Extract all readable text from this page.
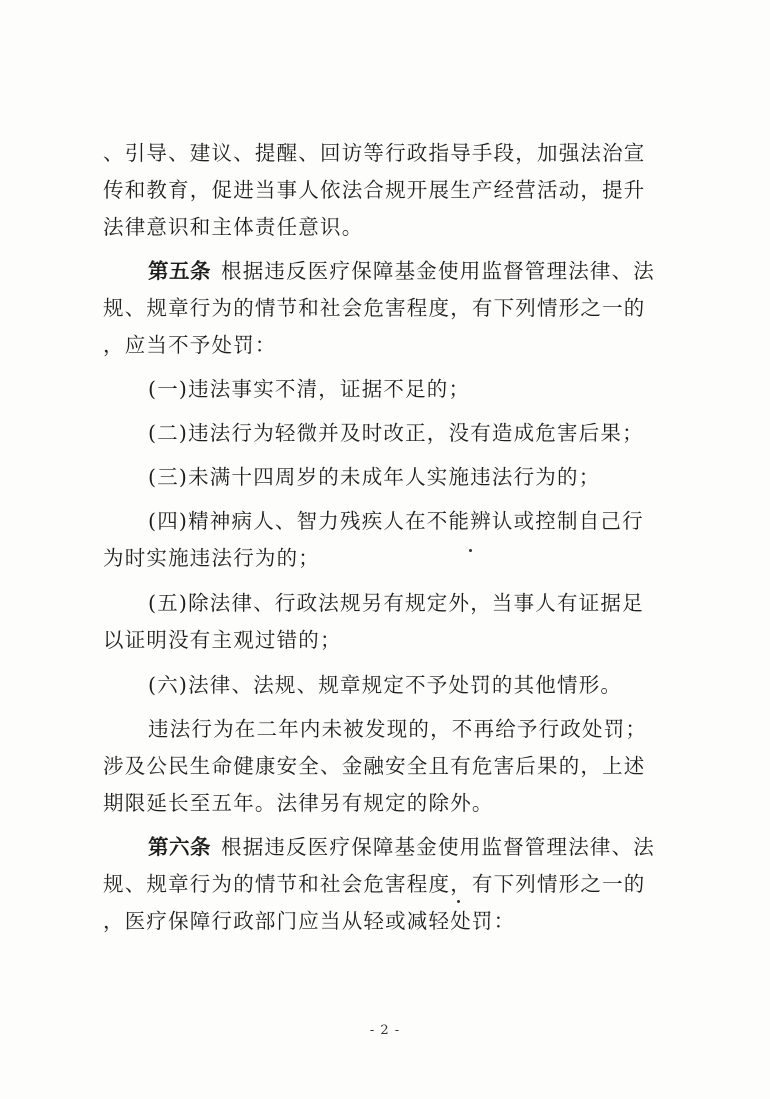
、引导、建议、提醒、回访等行政指导手段，加强法治宣
传和教育，促进当事人依法合规开展生产经营活动，提升
法律意识和主体责任意识。
第五条 根据违反医疗保障基金使用监督管理法律、法
规、规章行为的情节和社会危害程度，有下列情形之一的
，应当不予处罚：
(一)违法事实不清，证据不足的；
(二)违法行为轻微并及时改正，没有造成危害后果；
(三)未满十四周岁的未成年人实施违法行为的；
(四)精神病人、智力残疾人在不能辨认或控制自己行
为时实施违法行为的；
(五)除法律、行政法规另有规定外，当事人有证据足
以证明没有主观过错的；
(六)法律、法规、规章规定不予处罚的其他情形。
违法行为在二年内未被发现的，不再给予行政处罚；
涉及公民生命健康安全、金融安全且有危害后果的，上述
期限延长至五年。法律另有规定的除外。
第六条 根据违反医疗保障基金使用监督管理法律、法
规、规章行为的情节和社会危害程度，有下列情形之一的
，医疗保障行政部门应当从轻或减轻处罚：
- 2 -
